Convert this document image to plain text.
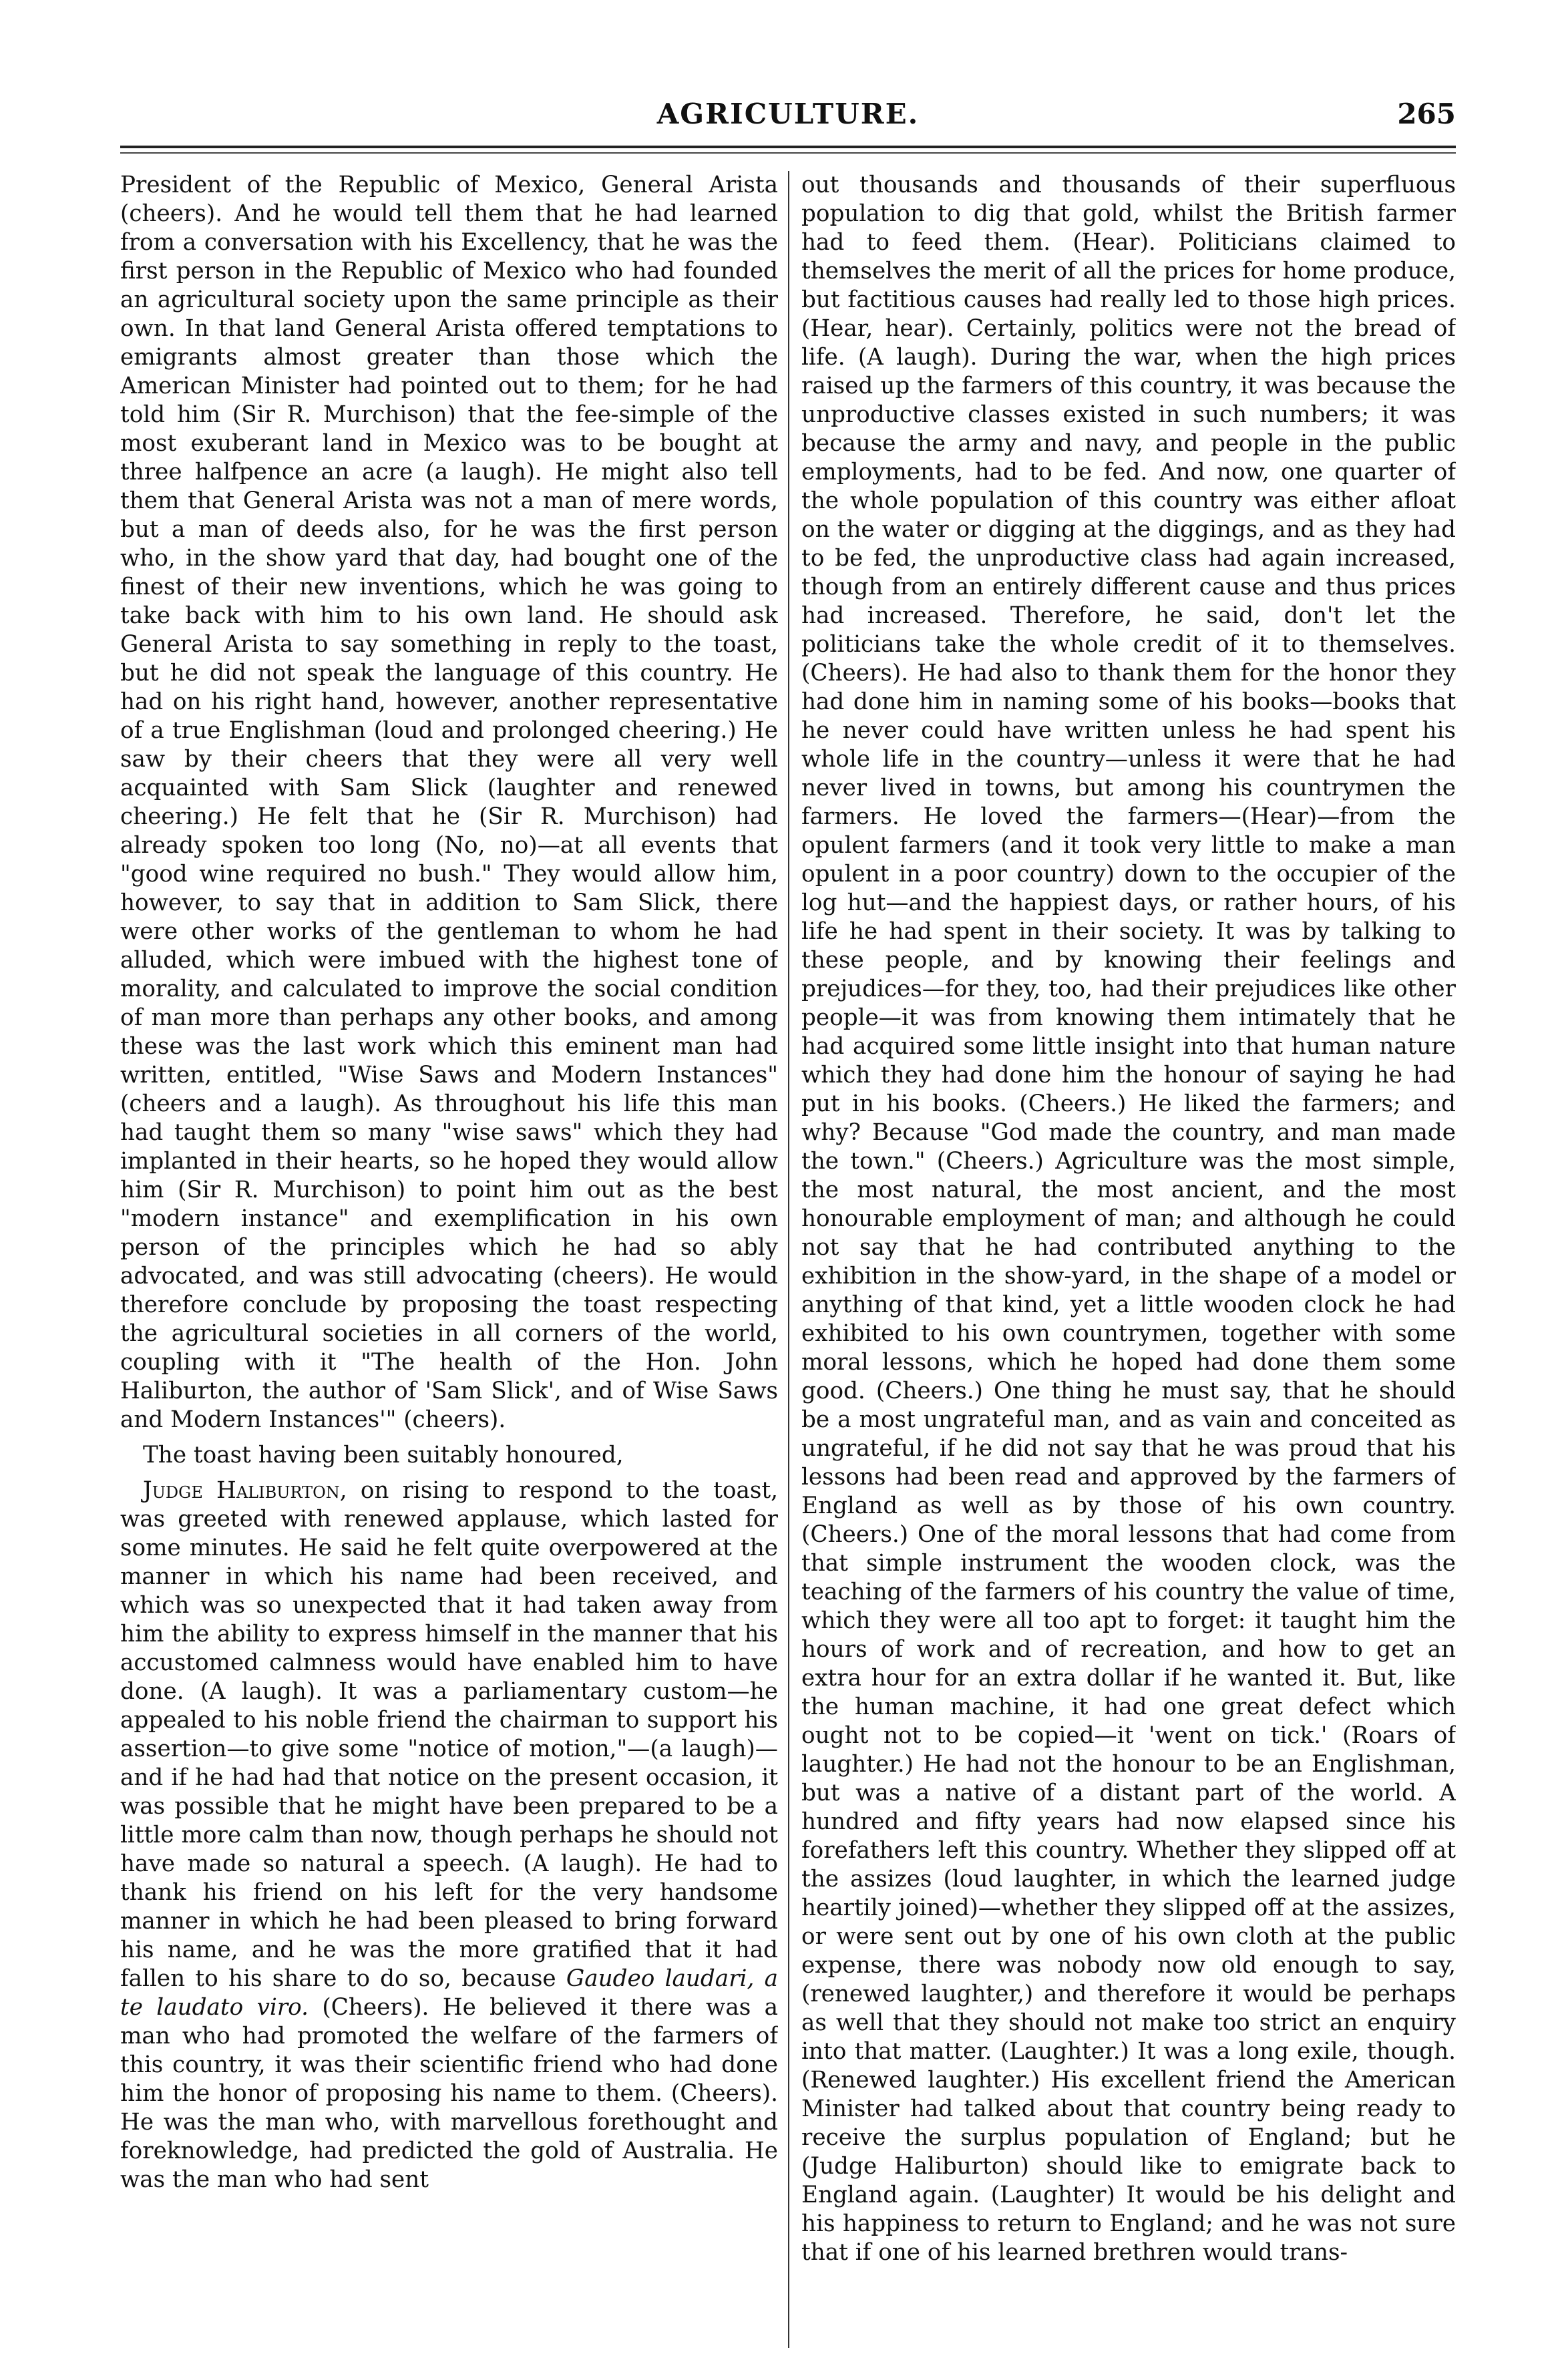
AGRICULTURE.	265

President of the Republic of Mexico, General Arista (cheers). And he would tell them that he had learned from a conversation with his Excellency, that he was the first person in the Republic of Mexico who had founded an agricultural society upon the same principle as their own. In that land General Arista offered temptations to emigrants almost greater than those which the American Minister had pointed out to them; for he had told him (Sir R. Murchison) that the fee-simple of the most exuberant land in Mexico was to be bought at three halfpence an acre (a laugh). He might also tell them that General Arista was not a man of mere words, but a man of deeds also, for he was the first person who, in the show yard that day, had bought one of the finest of their new inventions, which he was going to take back with him to his own land. He should ask General Arista to say something in reply to the toast, but he did not speak the language of this country. He had on his right hand, however, another representative of a true Englishman (loud and prolonged cheering.) He saw by their cheers that they were all very well acquainted with Sam Slick (laughter and renewed cheering.) He felt that he (Sir R. Murchison) had already spoken too long (No, no)—at all events that "good wine required no bush." They would allow him, however, to say that in addition to Sam Slick, there were other works of the gentleman to whom he had alluded, which were imbued with the highest tone of morality, and calculated to improve the social condition of man more than perhaps any other books, and among these was the last work which this eminent man had written, entitled, "Wise Saws and Modern Instances" (cheers and a laugh). As throughout his life this man had taught them so many "wise saws" which they had implanted in their hearts, so he hoped they would allow him (Sir R. Murchison) to point him out as the best "modern instance" and exemplification in his own person of the principles which he had so ably advocated, and was still advocating (cheers). He would therefore conclude by proposing the toast respecting the agricultural societies in all corners of the world, coupling with it "The health of the Hon. John Haliburton, the author of 'Sam Slick', and of Wise Saws and Modern Instances'" (cheers).

The toast having been suitably honoured,

Judge Haliburton, on rising to respond to the toast, was greeted with renewed applause, which lasted for some minutes. He said he felt quite overpowered at the manner in which his name had been received, and which was so unexpected that it had taken away from him the ability to express himself in the manner that his accustomed calmness would have enabled him to have done. (A laugh). It was a parliamentary custom—he appealed to his noble friend the chairman to support his assertion—to give some "notice of motion,"—(a laugh)—and if he had had that notice on the present occasion, it was possible that he might have been prepared to be a little more calm than now, though perhaps he should not have made so natural a speech. (A laugh). He had to thank his friend on his left for the very handsome manner in which he had been pleased to bring forward his name, and he was the more gratified that it had fallen to his share to do so, because Gaudeo laudari, a te laudato viro. (Cheers). He believed it there was a man who had promoted the welfare of the farmers of this country, it was their scientific friend who had done him the honor of proposing his name to them. (Cheers). He was the man who, with marvellous forethought and foreknowledge, had predicted the gold of Australia. He was the man who had sent

out thousands and thousands of their superfluous population to dig that gold, whilst the British farmer had to feed them. (Hear). Politicians claimed to themselves the merit of all the prices for home produce, but factitious causes had really led to those high prices. (Hear, hear). Certainly, politics were not the bread of life. (A laugh). During the war, when the high prices raised up the farmers of this country, it was because the unproductive classes existed in such numbers; it was because the army and navy, and people in the public employments, had to be fed. And now, one quarter of the whole population of this country was either afloat on the water or digging at the diggings, and as they had to be fed, the unproductive class had again increased, though from an entirely different cause and thus prices had increased. Therefore, he said, don't let the politicians take the whole credit of it to themselves. (Cheers). He had also to thank them for the honor they had done him in naming some of his books—books that he never could have written unless he had spent his whole life in the country—unless it were that he had never lived in towns, but among his countrymen the farmers. He loved the farmers—(Hear)—from the opulent farmers (and it took very little to make a man opulent in a poor country) down to the occupier of the log hut—and the happiest days, or rather hours, of his life he had spent in their society. It was by talking to these people, and by knowing their feelings and prejudices—for they, too, had their prejudices like other people—it was from knowing them intimately that he had acquired some little insight into that human nature which they had done him the honour of saying he had put in his books. (Cheers.) He liked the farmers; and why? Because "God made the country, and man made the town." (Cheers.) Agriculture was the most simple, the most natural, the most ancient, and the most honourable employment of man; and although he could not say that he had contributed anything to the exhibition in the show-yard, in the shape of a model or anything of that kind, yet a little wooden clock he had exhibited to his own countrymen, together with some moral lessons, which he hoped had done them some good. (Cheers.) One thing he must say, that he should be a most ungrateful man, and as vain and conceited as ungrateful, if he did not say that he was proud that his lessons had been read and approved by the farmers of England as well as by those of his own country. (Cheers.) One of the moral lessons that had come from that simple instrument the wooden clock, was the teaching of the farmers of his country the value of time, which they were all too apt to forget: it taught him the hours of work and of recreation, and how to get an extra hour for an extra dollar if he wanted it. But, like the human machine, it had one great defect which ought not to be copied—it 'went on tick.' (Roars of laughter.) He had not the honour to be an Englishman, but was a native of a distant part of the world. A hundred and fifty years had now elapsed since his forefathers left this country. Whether they slipped off at the assizes (loud laughter, in which the learned judge heartily joined)—whether they slipped off at the assizes, or were sent out by one of his own cloth at the public expense, there was nobody now old enough to say, (renewed laughter,) and therefore it would be perhaps as well that they should not make too strict an enquiry into that matter. (Laughter.) It was a long exile, though. (Renewed laughter.) His excellent friend the American Minister had talked about that country being ready to receive the surplus population of England; but he (Judge Haliburton) should like to emigrate back to England again. (Laughter) It would be his delight and his happiness to return to England; and he was not sure that if one of his learned brethren would trans-
